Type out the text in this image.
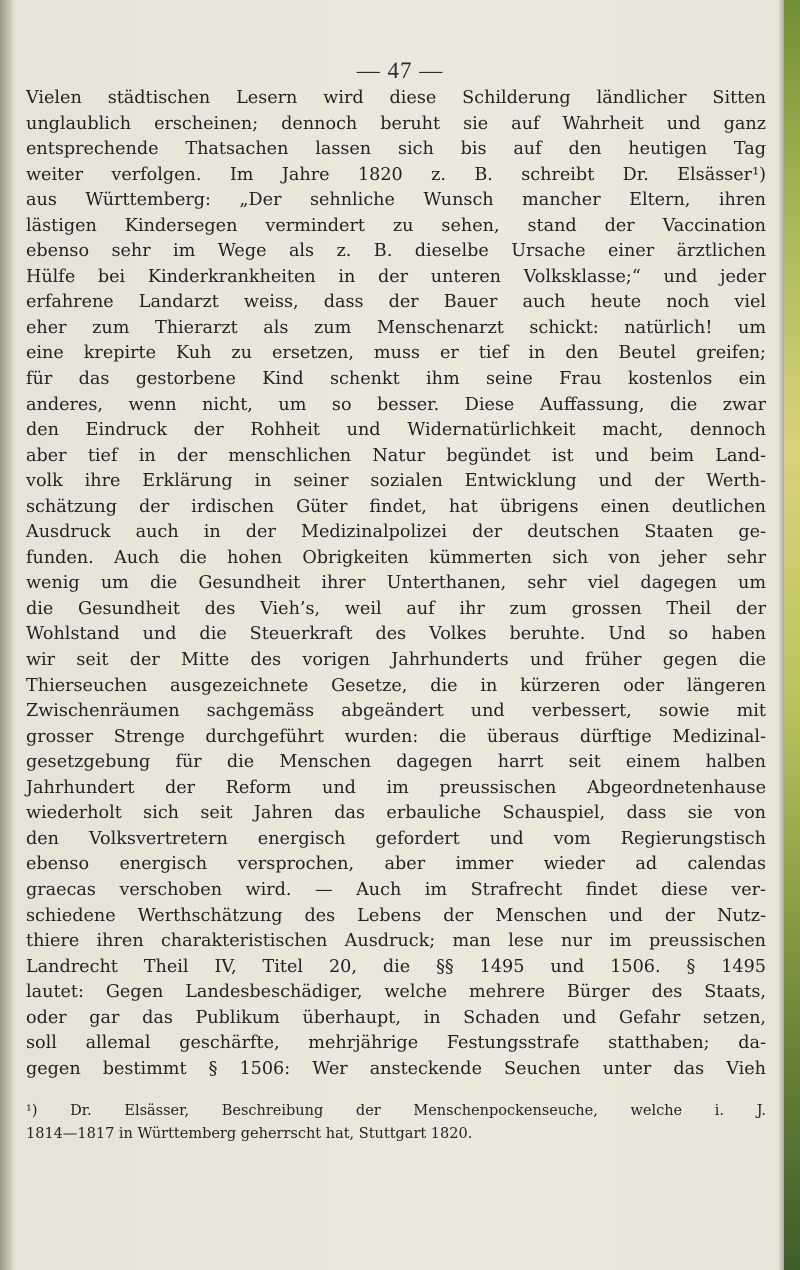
— 47 —
Vielen städtischen Lesern wird diese Schilderung ländlicher Sitten
unglaublich erscheinen; dennoch beruht sie auf Wahrheit und ganz
entsprechende Thatsachen lassen sich bis auf den heutigen Tag
weiter verfolgen. Im Jahre 1820 z. B. schreibt Dr. Elsässer¹)
aus Württemberg: „Der sehnliche Wunsch mancher Eltern, ihren
lästigen Kindersegen vermindert zu sehen, stand der Vaccination
ebenso sehr im Wege als z. B. dieselbe Ursache einer ärztlichen
Hülfe bei Kinderkrankheiten in der unteren Volksklasse;“ und jeder
erfahrene Landarzt weiss, dass der Bauer auch heute noch viel
eher zum Thierarzt als zum Menschenarzt schickt: natürlich! um
eine krepirte Kuh zu ersetzen, muss er tief in den Beutel greifen;
für das gestorbene Kind schenkt ihm seine Frau kostenlos ein
anderes, wenn nicht, um so besser. Diese Auffassung, die zwar
den Eindruck der Rohheit und Widernatürlichkeit macht, dennoch
aber tief in der menschlichen Natur begündet ist und beim Land-
volk ihre Erklärung in seiner sozialen Entwicklung und der Werth-
schätzung der irdischen Güter findet, hat übrigens einen deutlichen
Ausdruck auch in der Medizinalpolizei der deutschen Staaten ge-
funden. Auch die hohen Obrigkeiten kümmerten sich von jeher sehr
wenig um die Gesundheit ihrer Unterthanen, sehr viel dagegen um
die Gesundheit des Vieh’s, weil auf ihr zum grossen Theil der
Wohlstand und die Steuerkraft des Volkes beruhte. Und so haben
wir seit der Mitte des vorigen Jahrhunderts und früher gegen die
Thierseuchen ausgezeichnete Gesetze, die in kürzeren oder längeren
Zwischenräumen sachgemäss abgeändert und verbessert, sowie mit
grosser Strenge durchgeführt wurden: die überaus dürftige Medizinal-
gesetzgebung für die Menschen dagegen harrt seit einem halben
Jahrhundert der Reform und im preussischen Abgeordnetenhause
wiederholt sich seit Jahren das erbauliche Schauspiel, dass sie von
den Volksvertretern energisch gefordert und vom Regierungstisch
ebenso energisch versprochen, aber immer wieder ad calendas
graecas verschoben wird. — Auch im Strafrecht findet diese ver-
schiedene Werthschätzung des Lebens der Menschen und der Nutz-
thiere ihren charakteristischen Ausdruck; man lese nur im preussischen
Landrecht Theil IV, Titel 20, die §§ 1495 und 1506. § 1495
lautet: Gegen Landesbeschädiger, welche mehrere Bürger des Staats,
oder gar das Publikum überhaupt, in Schaden und Gefahr setzen,
soll allemal geschärfte, mehrjährige Festungsstrafe statthaben; da-
gegen bestimmt § 1506: Wer ansteckende Seuchen unter das Vieh
¹) Dr. Elsässer, Beschreibung der Menschenpockenseuche, welche i. J.
1814—1817 in Württemberg geherrscht hat, Stuttgart 1820.
